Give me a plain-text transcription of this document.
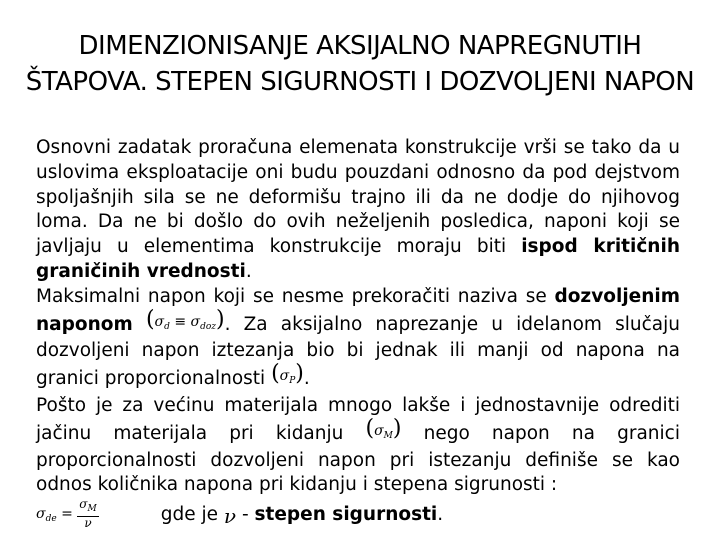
DIMENZIONISANJE AKSIJALNO NAPREGNUTIH ŠTAPOVA. STEPEN SIGURNOSTI I DOZVOLJENI NAPON

Osnovni zadatak proračuna elemenata konstrukcije vrši se tako da u uslovima eksploatacije oni budu pouzdani odnosno da pod dejstvom spoljašnjih sila se ne deformišu trajno ili da ne dodje do njihovog loma. Da ne bi došlo do ovih neželjenih posledica, naponi koji se javljaju u elementima konstrukcije moraju biti ispod kritičnih graničinih vrednosti.

Maksimalni napon koji se nesme prekoračiti naziva se dozvoljenim naponom $(\sigma_d \equiv \sigma_{doz})$. Za aksijalno naprezanje u idelanom slučaju dozvoljeni napon iztezanja bio bi jednak ili manji od napona na granici proporcionalnosti $(\sigma_P)$.

Pošto je za većinu materijala mnogo lakše i jednostavnije odrediti jačinu materijala pri kidanju $(\sigma_M)$ nego napon na granici proporcionalnosti dozvoljeni napon pri istezanju definiše se kao odnos količnika napona pri kidanju i stepena sigrunosti :

$\sigma_{de} = \frac{\sigma_M}{\nu}$	gde je ν - stepen sigurnosti.
